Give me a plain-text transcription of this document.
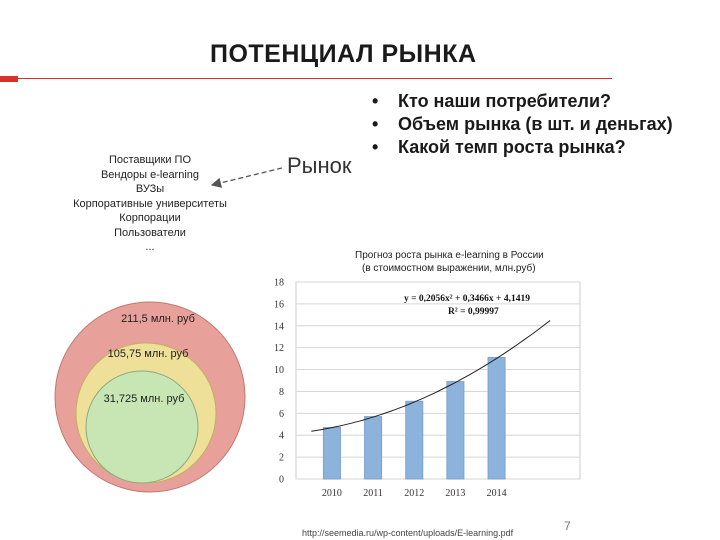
ПОТЕНЦИАЛ РЫНКА
• Кто наши потребители?
• Объем рынка (в шт. и деньгах)
• Какой темп роста рынка?
Поставщики ПО
Вендоры e-learning
ВУЗы
Корпоративные университеты
Корпорации
Пользователи
...
Рынок
211,5 млн. руб
105,75 млн. руб
31,725 млн. руб
Прогноз роста рынка e-learning в России
(в стоимостном выражении, млн.руб)
0
2
4
6
8
10
12
14
16
18
2010 2011 2012 2013 2014
y = 0,2056x² + 0,3466x + 4,1419
R² = 0,99997
7
http://seemedia.ru/wp-content/uploads/E-learning.pdf
